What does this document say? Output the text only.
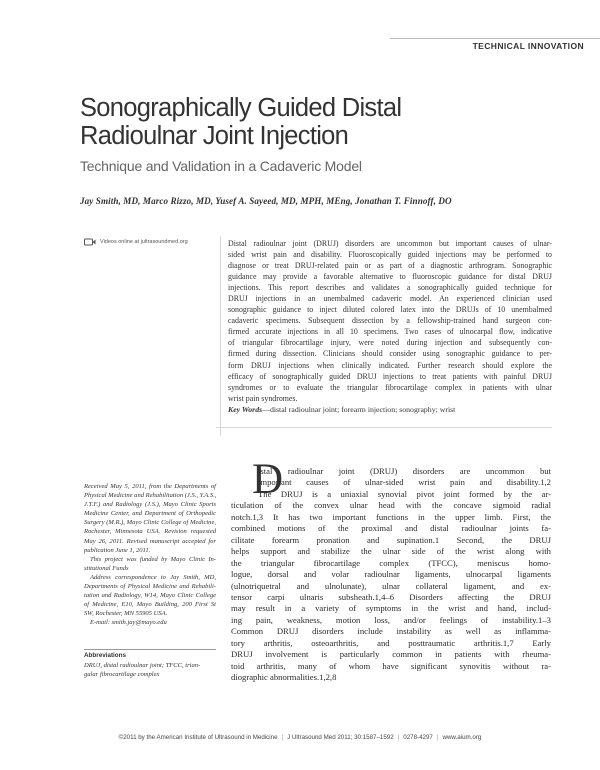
TECHNICAL INNOVATION
Sonographically Guided Distal
Radioulnar Joint Injection
Technique and Validation in a Cadaveric Model
Jay Smith, MD, Marco Rizzo, MD, Yusef A. Sayeed, MD, MPH, MEng, Jonathan T. Finnoff, DO
Videos online at jultrasoundmed.org	Distal radioulnar joint (DRUJ) disorders are uncommon but important causes of ulnar-
sided wrist pain and disability. Fluoroscopically guided injections may be performed to
diagnose or treat DRUJ-related pain or as part of a diagnostic arthrogram. Sonographic
guidance may provide a favorable alternative to fluoroscopic guidance for distal DRUJ
injections. This report describes and validates a sonographically guided technique for
DRUJ injections in an unembalmed cadaveric model. An experienced clinician used
sonographic guidance to inject diluted colored latex into the DRUJs of 10 unembalmed
cadaveric specimens. Subsequent dissection by a fellowship-trained hand surgeon con-
firmed accurate injections in all 10 specimens. Two cases of ulnocarpal flow, indicative
of triangular fibrocartilage injury, were noted during injection and subsequently con-
firmed during dissection. Clinicians should consider using sonographic guidance to per-
form DRUJ injections when clinically indicated. Further research should explore the
efficacy of sonographically guided DRUJ injections to treat patients with painful DRUJ
syndromes or to evaluate the triangular fibrocartilage complex in patients with ulnar
wrist pain syndromes.
Key Words—distal radioulnar joint; forearm injection; sonography; wrist
Received May 5, 2011, from the Departments of
Physical Medicine and Rehabilitation (J.S., Y.A.S.,
J.T.F.) and Radiology (J.S.), Mayo Clinic Sports
Medicine Center, and Department of Orthopedic
Surgery (M.R.), Mayo Clinic College of Medicine,
Rochester, Minnesota USA. Revision requested
May 26, 2011. Revised manuscript accepted for
publication June 1, 2011.
This project was funded by Mayo Clinic In-
stitutional Funds
Address correspondence to Jay Smith, MD,
Departments of Physical Medicine and Rehabili-
tation and Radiology, W14, Mayo Clinic College
of Medicine, E10, Mayo Building, 200 First St
SW, Rochester, MN 55905 USA.
E-mail: smith.jay@mayo.edu
Abbreviations
DRUJ, distal radioulnar joint; TFCC, trian-
gular fibrocartilage complex
D
istal radioulnar joint (DRUJ) disorders are uncommon but
important causes of ulnar-sided wrist pain and disability.1,2
The DRUJ is a uniaxial synovial pivot joint formed by the ar-
ticulation of the convex ulnar head with the concave sigmoid radial
notch.1,3 It has two important functions in the upper limb. First, the
combined motions of the proximal and distal radioulnar joints fa-
cilitate forearm pronation and supination.1 Second, the DRUJ
helps support and stabilize the ulnar side of the wrist along with
the triangular fibrocartilage complex (TFCC), meniscus homo-
logue, dorsal and volar radioulnar ligaments, ulnocarpal ligaments
(ulnotriquetral and ulnolunate), ulnar collateral ligament, and ex-
tensor carpi ulnaris subsheath.1,4–6 Disorders affecting the DRUJ
may result in a variety of symptoms in the wrist and hand, includ-
ing pain, weakness, motion loss, and/or feelings of instability.1–3
Common DRUJ disorders include instability as well as inflamma-
tory arthritis, osteoarthritis, and posttraumatic arthritis.1,7 Early
DRUJ involvement is particularly common in patients with rheuma-
toid arthritis, many of whom have significant synovitis without ra-
diographic abnormalities.1,2,8
©2011 by the American Institute of Ultrasound in Medicine | J Ultrasound Med 2011; 30:1587–1592 | 0278-4297 | www.aium.org
